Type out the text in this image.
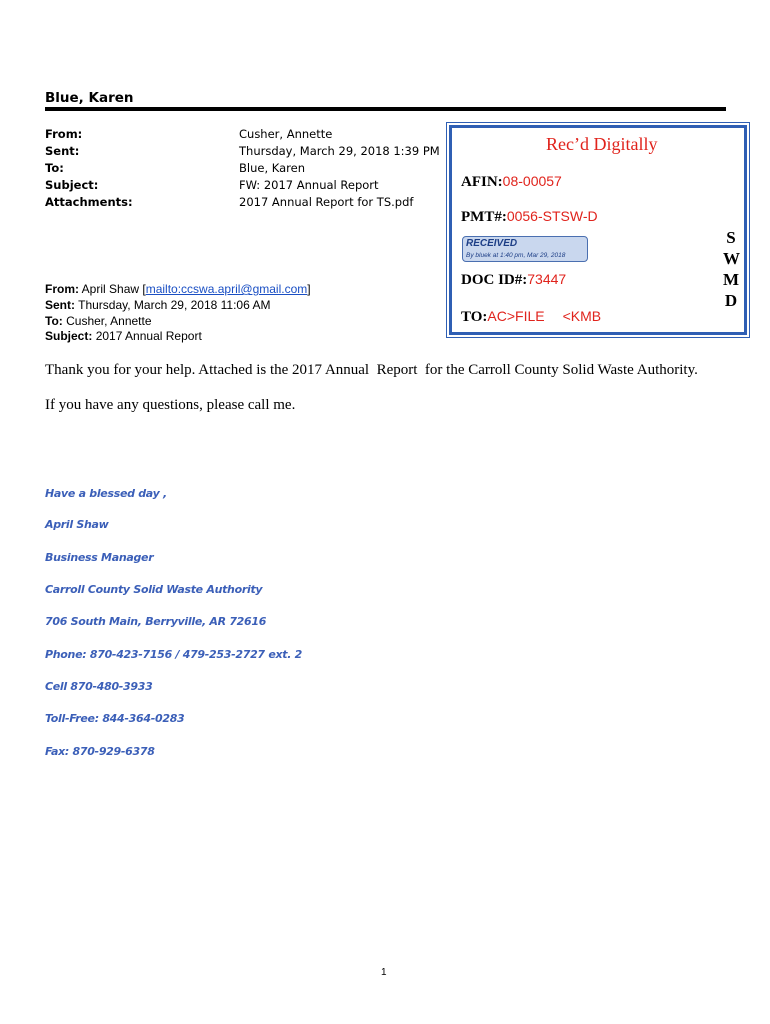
Blue, Karen
From:	Cusher, Annette
Sent:	Thursday, March 29, 2018 1:39 PM
To:	Blue, Karen
Subject:	FW: 2017 Annual Report
Attachments:	2017 Annual Report for TS.pdf
Rec’d Digitally
AFIN:08-00057
PMT#:0056-STSW-D
RECEIVED
By bluek at 1:40 pm, Mar 29, 2018
DOC ID#:73447
TO:AC>FILE <KMB
S
W
M
D
From: April Shaw [mailto:ccswa.april@gmail.com]
Sent: Thursday, March 29, 2018 11:06 AM
To: Cusher, Annette
Subject: 2017 Annual Report
Thank you for your help. Attached is the 2017 Annual  Report  for the Carroll County Solid Waste Authority.
If you have any questions, please call me.
Have a blessed day ,
April Shaw
Business Manager
Carroll County Solid Waste Authority
706 South Main, Berryville, AR 72616
Phone: 870-423-7156 / 479-253-2727 ext. 2
Cell 870-480-3933
Toll-Free: 844-364-0283
Fax: 870-929-6378
1
